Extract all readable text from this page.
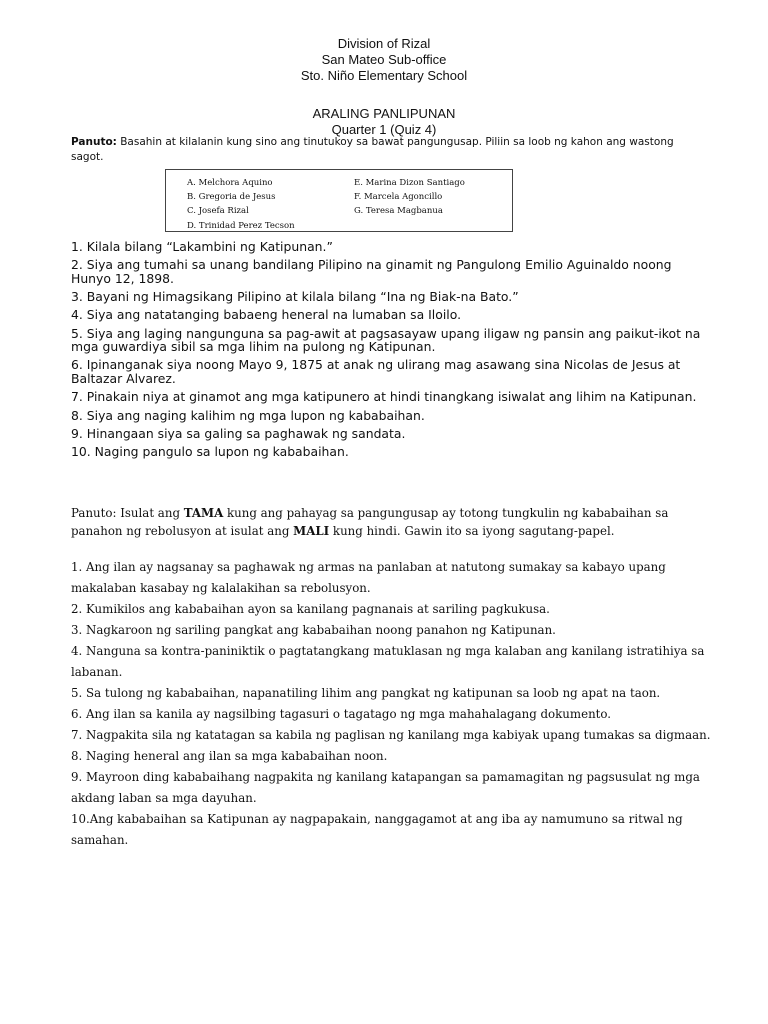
Division of Rizal
San Mateo Sub-office
Sto. Niño Elementary School
ARALING PANLIPUNAN
Quarter 1 (Quiz 4)
Panuto: Basahin at kilalanin kung sino ang tinutukoy sa bawat pangungusap. Piliin sa loob ng kahon ang wastong sagot.
A. Melchora Aquino
B. Gregoria de Jesus
C. Josefa Rizal
D. Trinidad Perez Tecson
E. Marina Dizon Santiago
F. Marcela Agoncillo
G. Teresa Magbanua
1. Kilala bilang “Lakambini ng Katipunan.”
2. Siya ang tumahi sa unang bandilang Pilipino na ginamit ng Pangulong Emilio Aguinaldo noong Hunyo 12, 1898.
3. Bayani ng Himagsikang Pilipino at kilala bilang “Ina ng Biak-na Bato.”
4. Siya ang natatanging babaeng heneral na lumaban sa Iloilo.
5. Siya ang laging nangunguna sa pag-awit at pagsasayaw upang iligaw ng pansin ang paikut-ikot na mga guwardiya sibil sa mga lihim na pulong ng Katipunan.
6. Ipinanganak siya noong Mayo 9, 1875 at anak ng ulirang mag asawang sina Nicolas de Jesus at Baltazar Alvarez.
7. Pinakain niya at ginamot ang mga katipunero at hindi tinangkang isiwalat ang lihim na Katipunan.
8. Siya ang naging kalihim ng mga lupon ng kababaihan.
9. Hinangaan siya sa galing sa paghawak ng sandata.
10. Naging pangulo sa lupon ng kababaihan.
Panuto: Isulat ang TAMA kung ang pahayag sa pangungusap ay totong tungkulin ng kababaihan sa panahon ng rebolusyon at isulat ang MALI kung hindi. Gawin ito sa iyong sagutang-papel.
1. Ang ilan ay nagsanay sa paghawak ng armas na panlaban at natutong sumakay sa kabayo upang makalaban kasabay ng kalalakihan sa rebolusyon.
2. Kumikilos ang kababaihan ayon sa kanilang pagnanais at sariling pagkukusa.
3. Nagkaroon ng sariling pangkat ang kababaihan noong panahon ng Katipunan.
4. Nanguna sa kontra-paniniktik o pagtatangkang matuklasan ng mga kalaban ang kanilang istratihiya sa labanan.
5. Sa tulong ng kababaihan, napanatiling lihim ang pangkat ng katipunan sa loob ng apat na taon.
6. Ang ilan sa kanila ay nagsilbing tagasuri o tagatago ng mga mahahalagang dokumento.
7. Nagpakita sila ng katatagan sa kabila ng paglisan ng kanilang mga kabiyak upang tumakas sa digmaan.
8. Naging heneral ang ilan sa mga kababaihan noon.
9. Mayroon ding kababaihang nagpakita ng kanilang katapangan sa pamamagitan ng pagsusulat ng mga akdang laban sa mga dayuhan.
10.Ang kababaihan sa Katipunan ay nagpapakain, nanggagamot at ang iba ay namumuno sa ritwal ng samahan.
